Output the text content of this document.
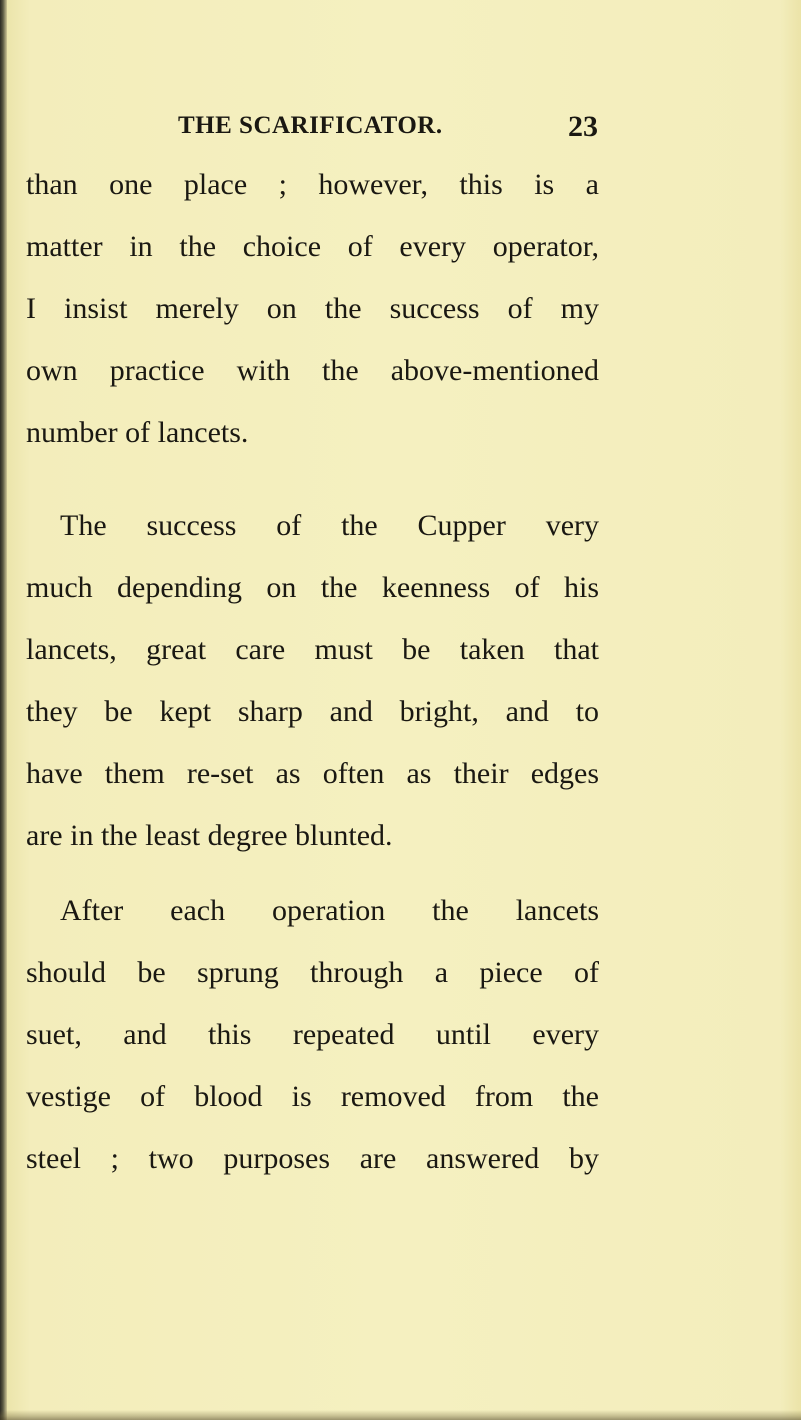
THE SCARIFICATOR.	23
than one place ; however, this is a
matter in the choice of every operator,
I insist merely on the success of my
own practice with the above-mentioned
number of lancets.
The success of the Cupper very
much depending on the keenness of his
lancets, great care must be taken that
they be kept sharp and bright, and to
have them re-set as often as their edges
are in the least degree blunted.
After each operation the lancets
should be sprung through a piece of
suet, and this repeated until every
vestige of blood is removed from the
steel ; two purposes are answered by
